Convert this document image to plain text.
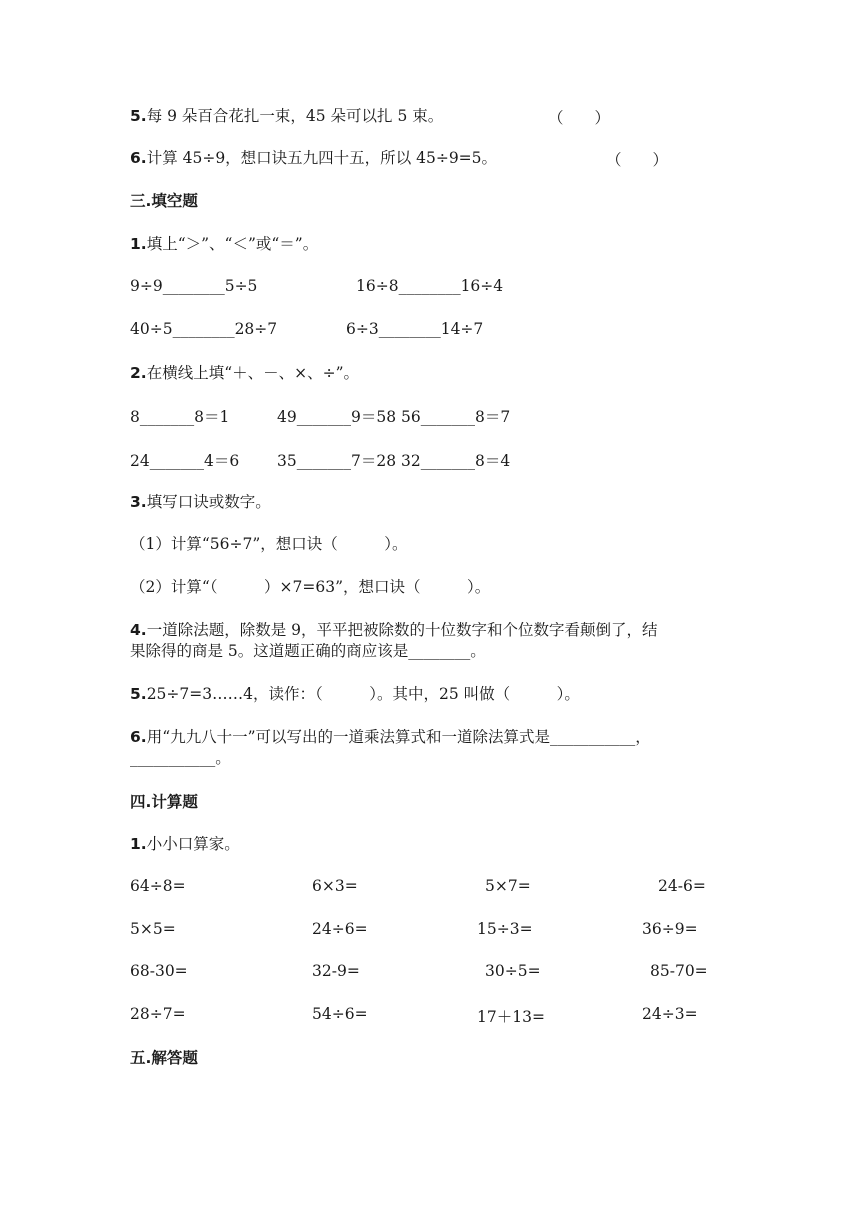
5.每 9 朵百合花扎一束，45 朵可以扎 5 束。	（　　）
6.计算 45÷9，想口诀五九四十五，所以 45÷9=5。	（　　）
三.填空题
1.填上“＞”、“＜”或“＝”。
9÷9________5÷5	16÷8________16÷4
40÷5________28÷7	6÷3________14÷7
2.在横线上填“＋、－、×、÷”。
8_______8＝1	49_______9＝58 56_______8＝7
24_______4＝6 35_______7＝28 32_______8＝4
3.填写口诀或数字。
（1）计算“56÷7”，想口诀（　　　）。
（2）计算“（　　　）×7=63”，想口诀（　　　）。
4.一道除法题，除数是 9，平平把被除数的十位数字和个位数字看颠倒了，结
果除得的商是 5。这道题正确的商应该是________。
5.25÷7=3……4，读作：（　　　）。其中，25 叫做（　　　）。
6.用“九九八十一”可以写出的一道乘法算式和一道除法算式是___________，
___________。
四.计算题
1.小小口算家。
64÷8=	6×3=	5×7=	24-6=
5×5=	24÷6=	15÷3=	36÷9=
68-30=	32-9=	30÷5=	85-70=
28÷7=	54÷6=	17＋13=	24÷3=
五.解答题
